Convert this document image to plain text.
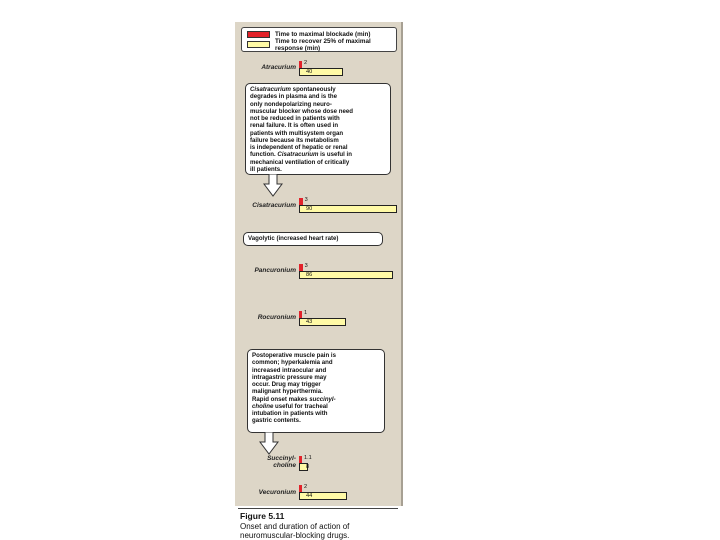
Time to maximal blockade (min)
Time to recover 25% of maximal
response (min)
Atracurium
Cisatracurium
Pancuronium
Rocuronium
Succinyl-
choline
Vecuronium
2
40
3
90
3
86
1
43
1.1
8
2
44
Cisatracurium spontaneously
degrades in plasma and is the
only nondepolarizing neuro-
muscular blocker whose dose need
not be reduced in patients with
renal failure. It is often used in
patients with multisystem organ
failure because its metabolism
is independent of hepatic or renal
function. Cisatracurium is useful in
mechanical ventilation of critically
ill patients.
Vagolytic (increased heart rate)
Postoperative muscle pain is
common; hyperkalemia and
increased intraocular and
intragastric pressure may
occur. Drug may trigger
malignant hyperthermia.
Rapid onset makes succinyl-
choline useful for tracheal
intubation in patients with
gastric contents.
Figure 5.11
Onset and duration of action of
neuromuscular-blocking drugs.
